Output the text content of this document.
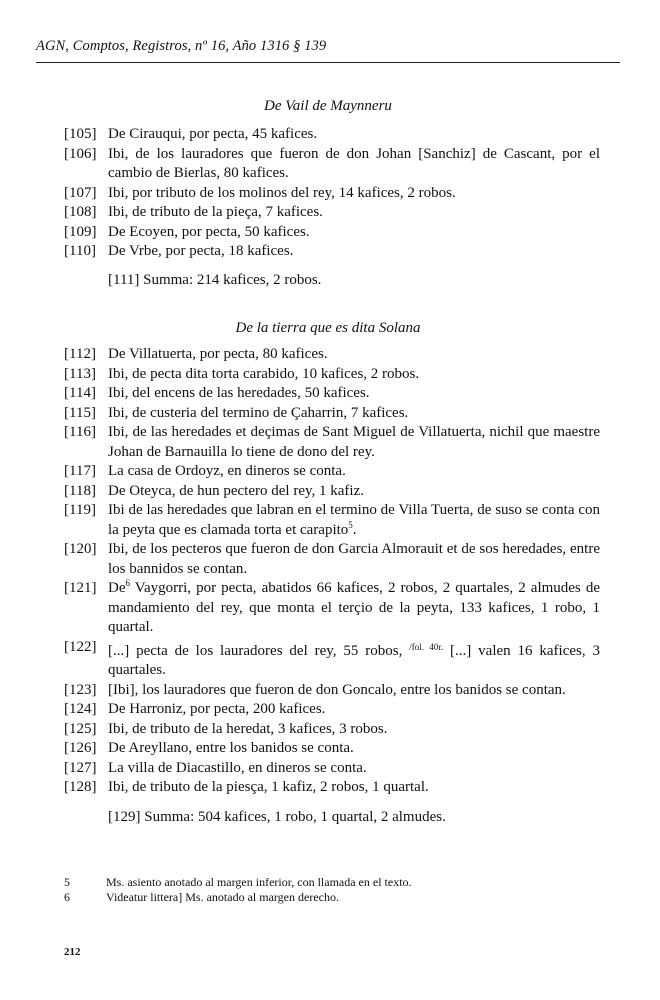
AGN, Comptos, Registros, nº 16, Año 1316 § 139
De Vail de Maynneru
[105] De Cirauqui, por pecta, 45 kafices.
[106] Ibi, de los lauradores que fueron de don Johan [Sanchiz] de Cascant, por el cambio de Bierlas, 80 kafices.
[107] Ibi, por tributo de los molinos del rey, 14 kafices, 2 robos.
[108] Ibi, de tributo de la pieça, 7 kafices.
[109] De Ecoyen, por pecta, 50 kafices.
[110] De Vrbe, por pecta, 18 kafices.
[111] Summa: 214 kafices, 2 robos.
De la tierra que es dita Solana
[112] De Villatuerta, por pecta, 80 kafices.
[113] Ibi, de pecta dita torta carabido, 10 kafices, 2 robos.
[114] Ibi, del encens de las heredades, 50 kafices.
[115] Ibi, de custeria del termino de Çaharrin, 7 kafices.
[116] Ibi, de las heredades et deçimas de Sant Miguel de Villatuerta, nichil que maestre Johan de Barnauilla lo tiene de dono del rey.
[117] La casa de Ordoyz, en dineros se conta.
[118] De Oteyca, de hun pectero del rey, 1 kafiz.
[119] Ibi de las heredades que labran en el termino de Villa Tuerta, de suso se conta con la peyta que es clamada torta et carapito$^5$.
[120] Ibi, de los pecteros que fueron de don Garcia Almorauit et de sos heredades, entre los bannidos se contan.
[121] De$^6$ Vaygorri, por pecta, abatidos 66 kafices, 2 robos, 2 quartales, 2 almudes de mandamiento del rey, que monta el terçio de la peyta, 133 kafices, 1 robo, 1 quartal.
[122] [...] pecta de los lauradores del rey, 55 robos, $^{/fol. 40r.}$ [...] valen 16 kafices, 3 quartales.
[123] [Ibi], los lauradores que fueron de don Goncalo, entre los banidos se contan.
[124] De Harroniz, por pecta, 200 kafices.
[125] Ibi, de tributo de la heredat, 3 kafices, 3 robos.
[126] De Areyllano, entre los banidos se conta.
[127] La villa de Diacastillo, en dineros se conta.
[128] Ibi, de tributo de la piesça, 1 kafiz, 2 robos, 1 quartal.
[129] Summa: 504 kafices, 1 robo, 1 quartal, 2 almudes.
5	Ms. asiento anotado al margen inferior, con llamada en el texto.
6	Videatur littera] Ms. anotado al margen derecho.
212
